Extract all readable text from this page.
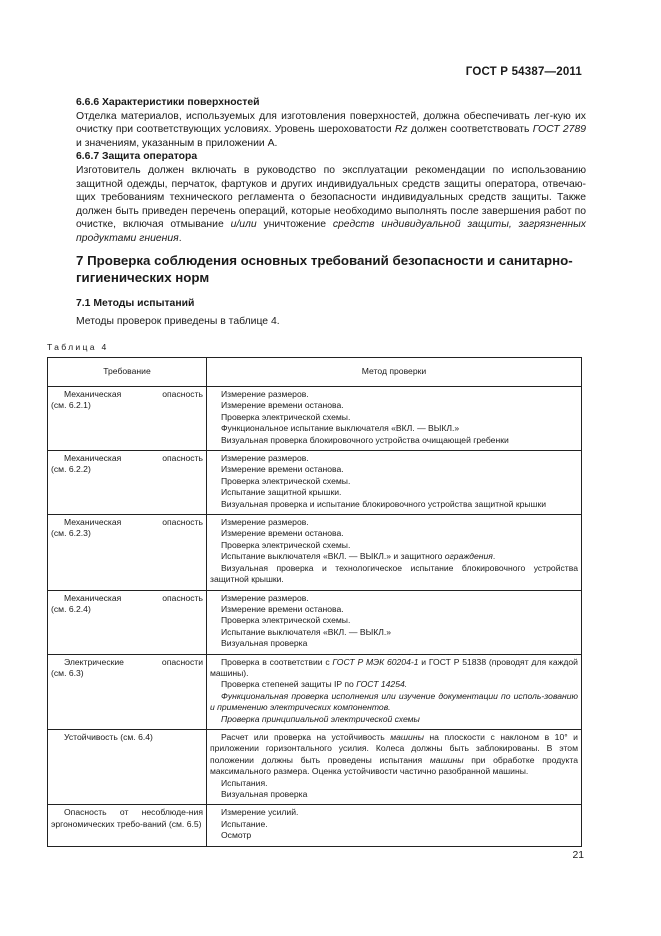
ГОСТ Р 54387—2011
6.6.6 Характеристики поверхностей

Отделка материалов, используемых для изготовления поверхностей, должна обеспечивать лег-кую их очистку при соответствующих условиях. Уровень шероховатости Rz должен соответствовать ГОСТ 2789 и значениям, указанным в приложении А.

6.6.7 Защита оператора

Изготовитель должен включать в руководство по эксплуатации рекомендации по использованию защитной одежды, перчаток, фартуков и других индивидуальных средств защиты оператора, отвечаю-щих требованиям технического регламента о безопасности индивидуальных средств защиты. Также должен быть приведен перечень операций, которые необходимо выполнять после завершения работ по очистке, включая отмывание и/или уничтожение средств индивидуальной защиты, загрязненных продуктами гниения.

7 Проверка соблюдения основных требований безопасности и санитарно-гигиенических норм
7.1 Методы испытаний
Методы проверок приведены в таблице 4.
Таблица 4
Требование	Метод проверки

Механическая опасность
(см. 6.2.1)	Измерение размеров.
Измерение времени останова.
Проверка электрической схемы.
Функциональное испытание выключателя «ВКЛ. — ВЫКЛ.»
Визуальная проверка блокировочного устройства очищающей гребенки

Механическая опасность
(см. 6.2.2)	Измерение размеров.
Измерение времени останова.
Проверка электрической схемы.
Испытание защитной крышки.
Визуальная проверка и испытание блокировочного устройства защитной крышки

Механическая опасность
(см. 6.2.3)	Измерение размеров.
Измерение времени останова.
Проверка электрической схемы.
Испытание выключателя «ВКЛ. — ВЫКЛ.» и защитного ограждения.
Визуальная проверка и технологическое испытание блокировочного устройства защитной крышки.

Механическая опасность
(см. 6.2.4)	Измерение размеров.
Измерение времени останова.
Проверка электрической схемы.
Испытание выключателя «ВКЛ. — ВЫКЛ.»
Визуальная проверка

Электрические опасности
(см. 6.3)	Проверка в соответствии с ГОСТ Р МЭК 60204-1 и ГОСТ Р 51838 (проводят для каждой машины).
Проверка степеней защиты IP по ГОСТ 14254.
Функциональная проверка исполнения или изучение документации по исполь-зованию и применению электрических компонентов.
Проверка принципиальной электрической схемы

Устойчивость (см. 6.4)	Расчет или проверка на устойчивость машины на плоскости с наклоном в 10° и приложении горизонтального усилия. Колеса должны быть заблокированы. В этом положении должны быть проведены испытания машины при обработке продукта максимального размера. Оценка устойчивости частично разобранной машины.
Испытания.
Визуальная проверка

Опасность от несоблюде-ния эргономических требо-ваний (см. 6.5)	Измерение усилий.
Испытание.
Осмотр
21
